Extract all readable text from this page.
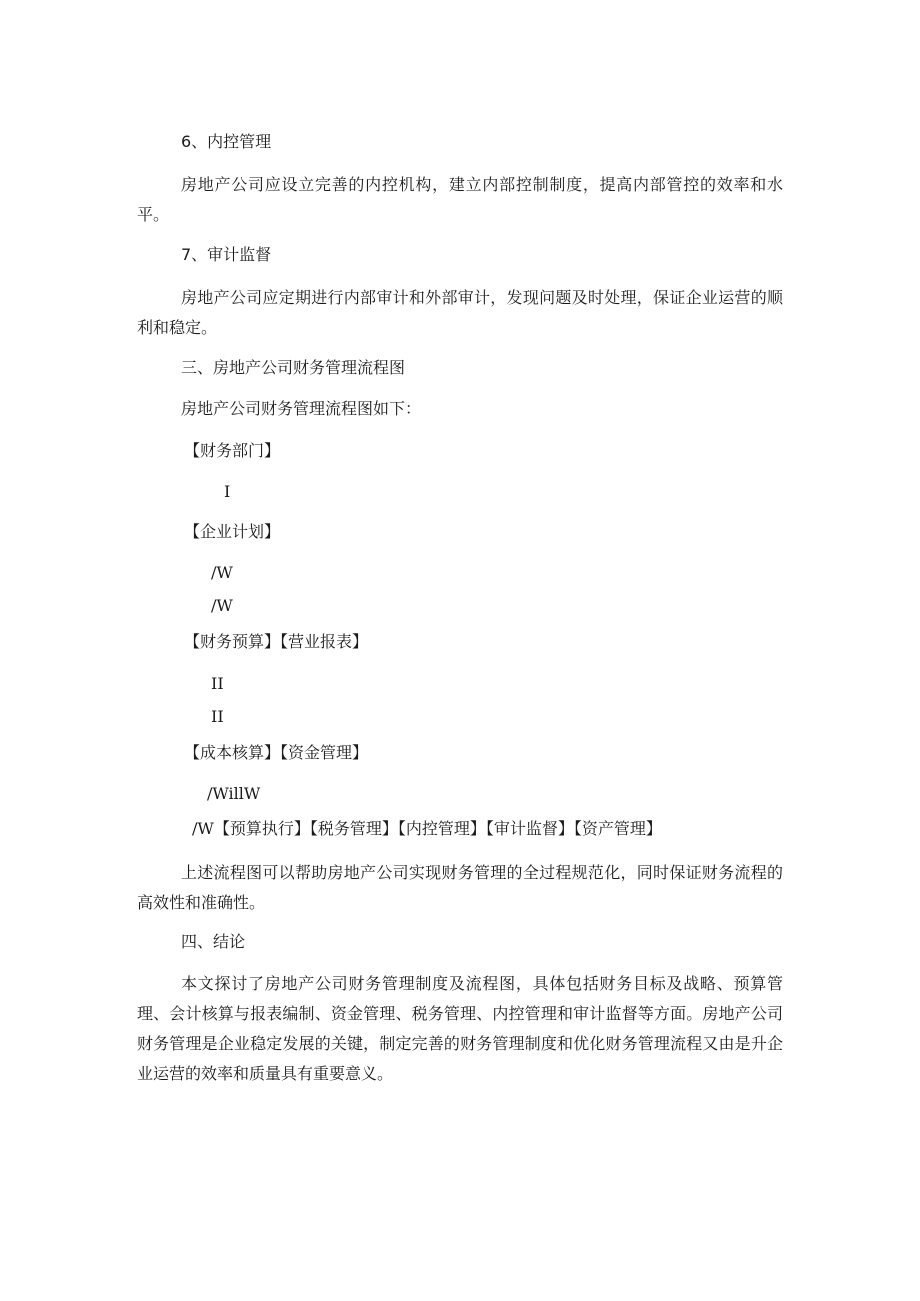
6、内控管理
房地产公司应设立完善的内控机构，建立内部控制制度，提高内部管控的效率和水平。
7、审计监督
房地产公司应定期进行内部审计和外部审计，发现问题及时处理，保证企业运营的顺利和稳定。
三、房地产公司财务管理流程图
房地产公司财务管理流程图如下：
【财务部门】
I
【企业计划】
/W
/W
【财务预算】【营业报表】
II
II
【成本核算】【资金管理】
/WillW
/W【预算执行】【税务管理】【内控管理】【审计监督】【资产管理】
上述流程图可以帮助房地产公司实现财务管理的全过程规范化，同时保证财务流程的高效性和准确性。
四、结论
本文探讨了房地产公司财务管理制度及流程图，具体包括财务目标及战略、预算管理、会计核算与报表编制、资金管理、税务管理、内控管理和审计监督等方面。房地产公司财务管理是企业稳定发展的关键，制定完善的财务管理制度和优化财务管理流程又由是升企业运营的效率和质量具有重要意义。
